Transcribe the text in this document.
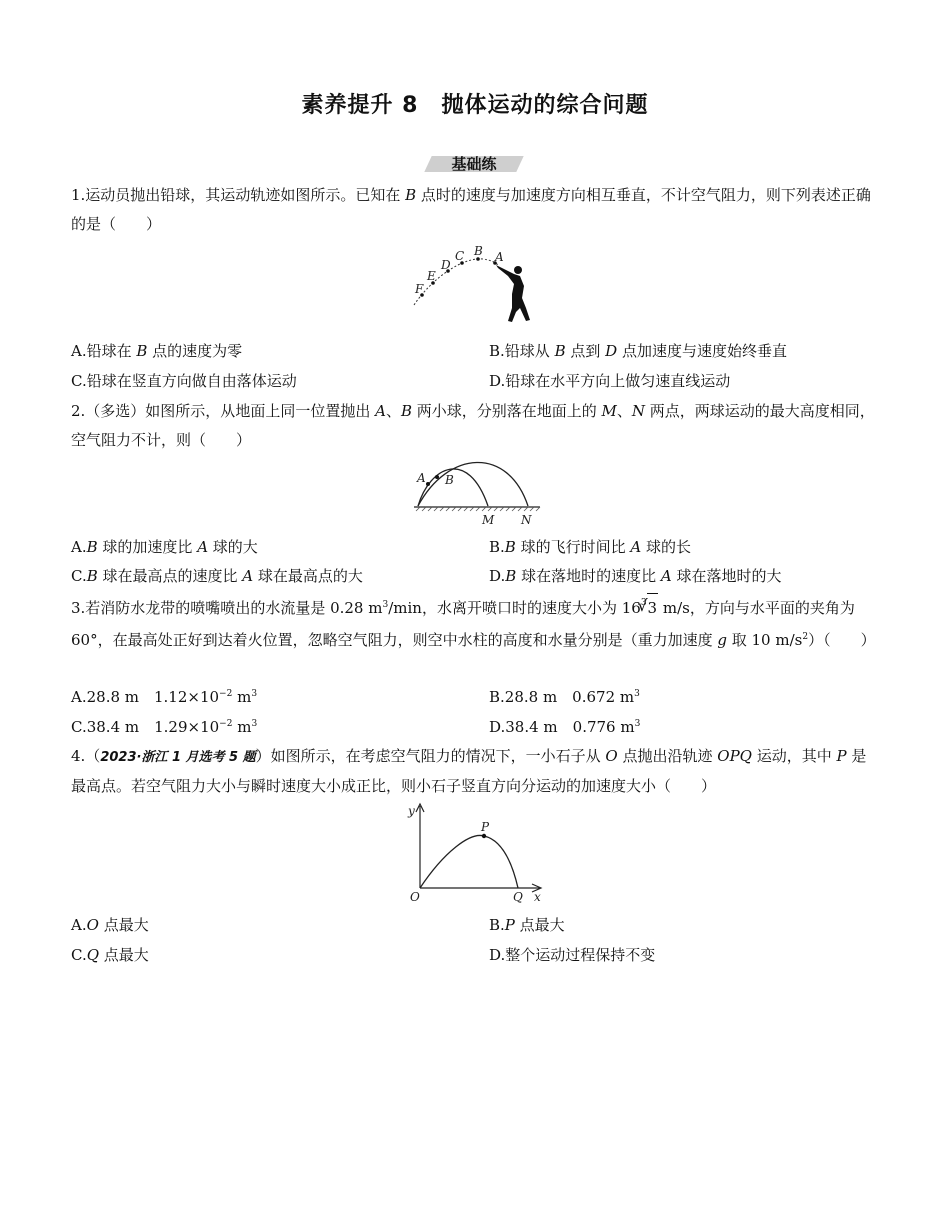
素养提升 8　抛体运动的综合问题
基础练
1.运动员抛出铅球，其运动轨迹如图所示。已知在 B 点时的速度与加速度方向相互垂直，不计空气阻力，则下列表述正确的是（　　）
F
E
D
C B A
A.铅球在 B 点的速度为零	B.铅球从 B 点到 D 点加速度与速度始终垂直
C.铅球在竖直方向做自由落体运动	D.铅球在水平方向上做匀速直线运动
2.（多选）如图所示，从地面上同一位置抛出 A、B 两小球，分别落在地面上的 M、N 两点，两球运动的最大高度相同，空气阻力不计，则（　　）
A B
M N
A.B 球的加速度比 A 球的大	B.B 球的飞行时间比 A 球的长
C.B 球在最高点的速度比 A 球在最高点的大	D.B 球在落地时的速度比 A 球在落地时的大
3.若消防水龙带的喷嘴喷出的水流量是 0.28 $m^3/\min$，水离开喷口时的速度大小为 $16^3√$ 3 m/s，方向与水平面的夹角为 60°，在最高处正好到达着火位置，忽略空气阻力，则空中水柱的高度和水量分别是（重力加速度 g 取 10 $m/s^2$）（　　）
A.28.8 m　$1.12\times 10^{-2}$ $m^3$	B.28.8 m　0.672 $m^3$
C.38.4 m　$1.29\times 10^{-2}$ $m^3$	D.38.4 m　0.776 $m^3$
4.（2023·浙江 1 月选考 5 题）如图所示，在考虑空气阻力的情况下，一小石子从 O 点抛出沿轨迹 OPQ 运动，其中 P 是最高点。若空气阻力大小与瞬时速度大小成正比，则小石子竖直方向分运动的加速度大小（　　）
y
P
O	Q x
A.O 点最大	B.P 点最大
C.Q 点最大	D.整个运动过程保持不变
